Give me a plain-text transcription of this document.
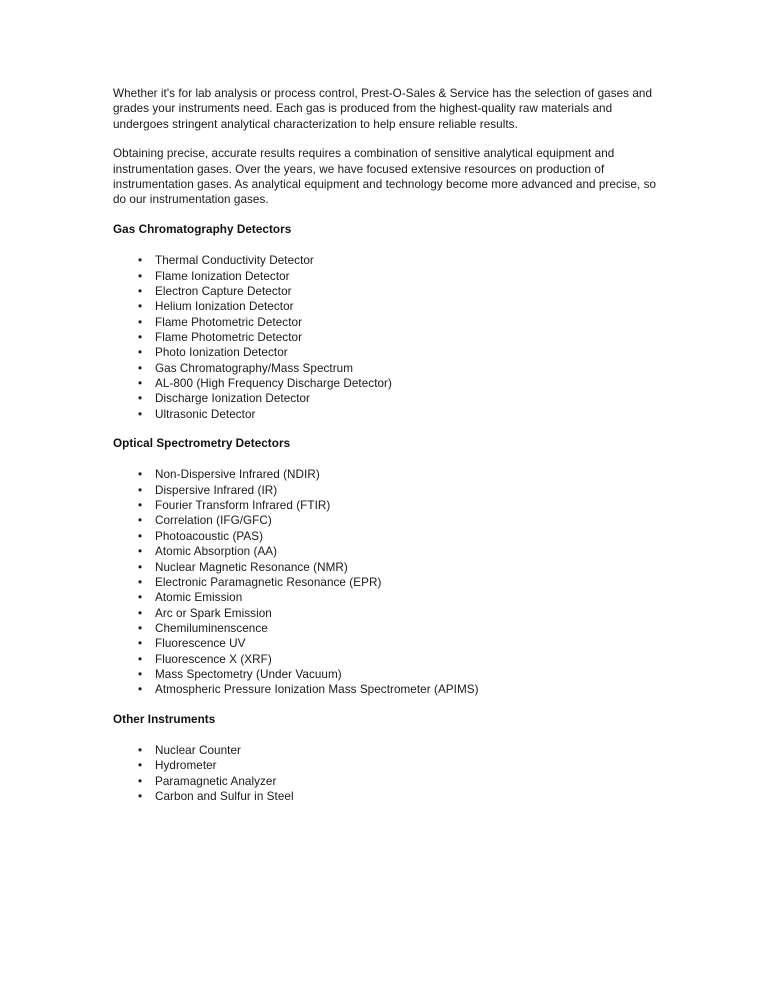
Whether it's for lab analysis or process control, Prest-O-Sales & Service has the selection of gases and grades your instruments need. Each gas is produced from the highest-quality raw materials and undergoes stringent analytical characterization to help ensure reliable results.

Obtaining precise, accurate results requires a combination of sensitive analytical equipment and instrumentation gases. Over the years, we have focused extensive resources on production of instrumentation gases. As analytical equipment and technology become more advanced and precise, so do our instrumentation gases.

Gas Chromatography Detectors
• Thermal Conductivity Detector
• Flame Ionization Detector
• Electron Capture Detector
• Helium Ionization Detector
• Flame Photometric Detector
• Flame Photometric Detector
• Photo Ionization Detector
• Gas Chromatography/Mass Spectrum
• AL-800 (High Frequency Discharge Detector)
• Discharge Ionization Detector
• Ultrasonic Detector
Optical Spectrometry Detectors
• Non-Dispersive Infrared (NDIR)
• Dispersive Infrared (IR)
• Fourier Transform Infrared (FTIR)
• Correlation (IFG/GFC)
• Photoacoustic (PAS)
• Atomic Absorption (AA)
• Nuclear Magnetic Resonance (NMR)
• Electronic Paramagnetic Resonance (EPR)
• Atomic Emission
• Arc or Spark Emission
• Chemiluminenscence
• Fluorescence UV
• Fluorescence X (XRF)
• Mass Spectometry (Under Vacuum)
• Atmospheric Pressure Ionization Mass Spectrometer (APIMS)
Other Instruments
• Nuclear Counter
• Hydrometer
• Paramagnetic Analyzer
• Carbon and Sulfur in Steel
